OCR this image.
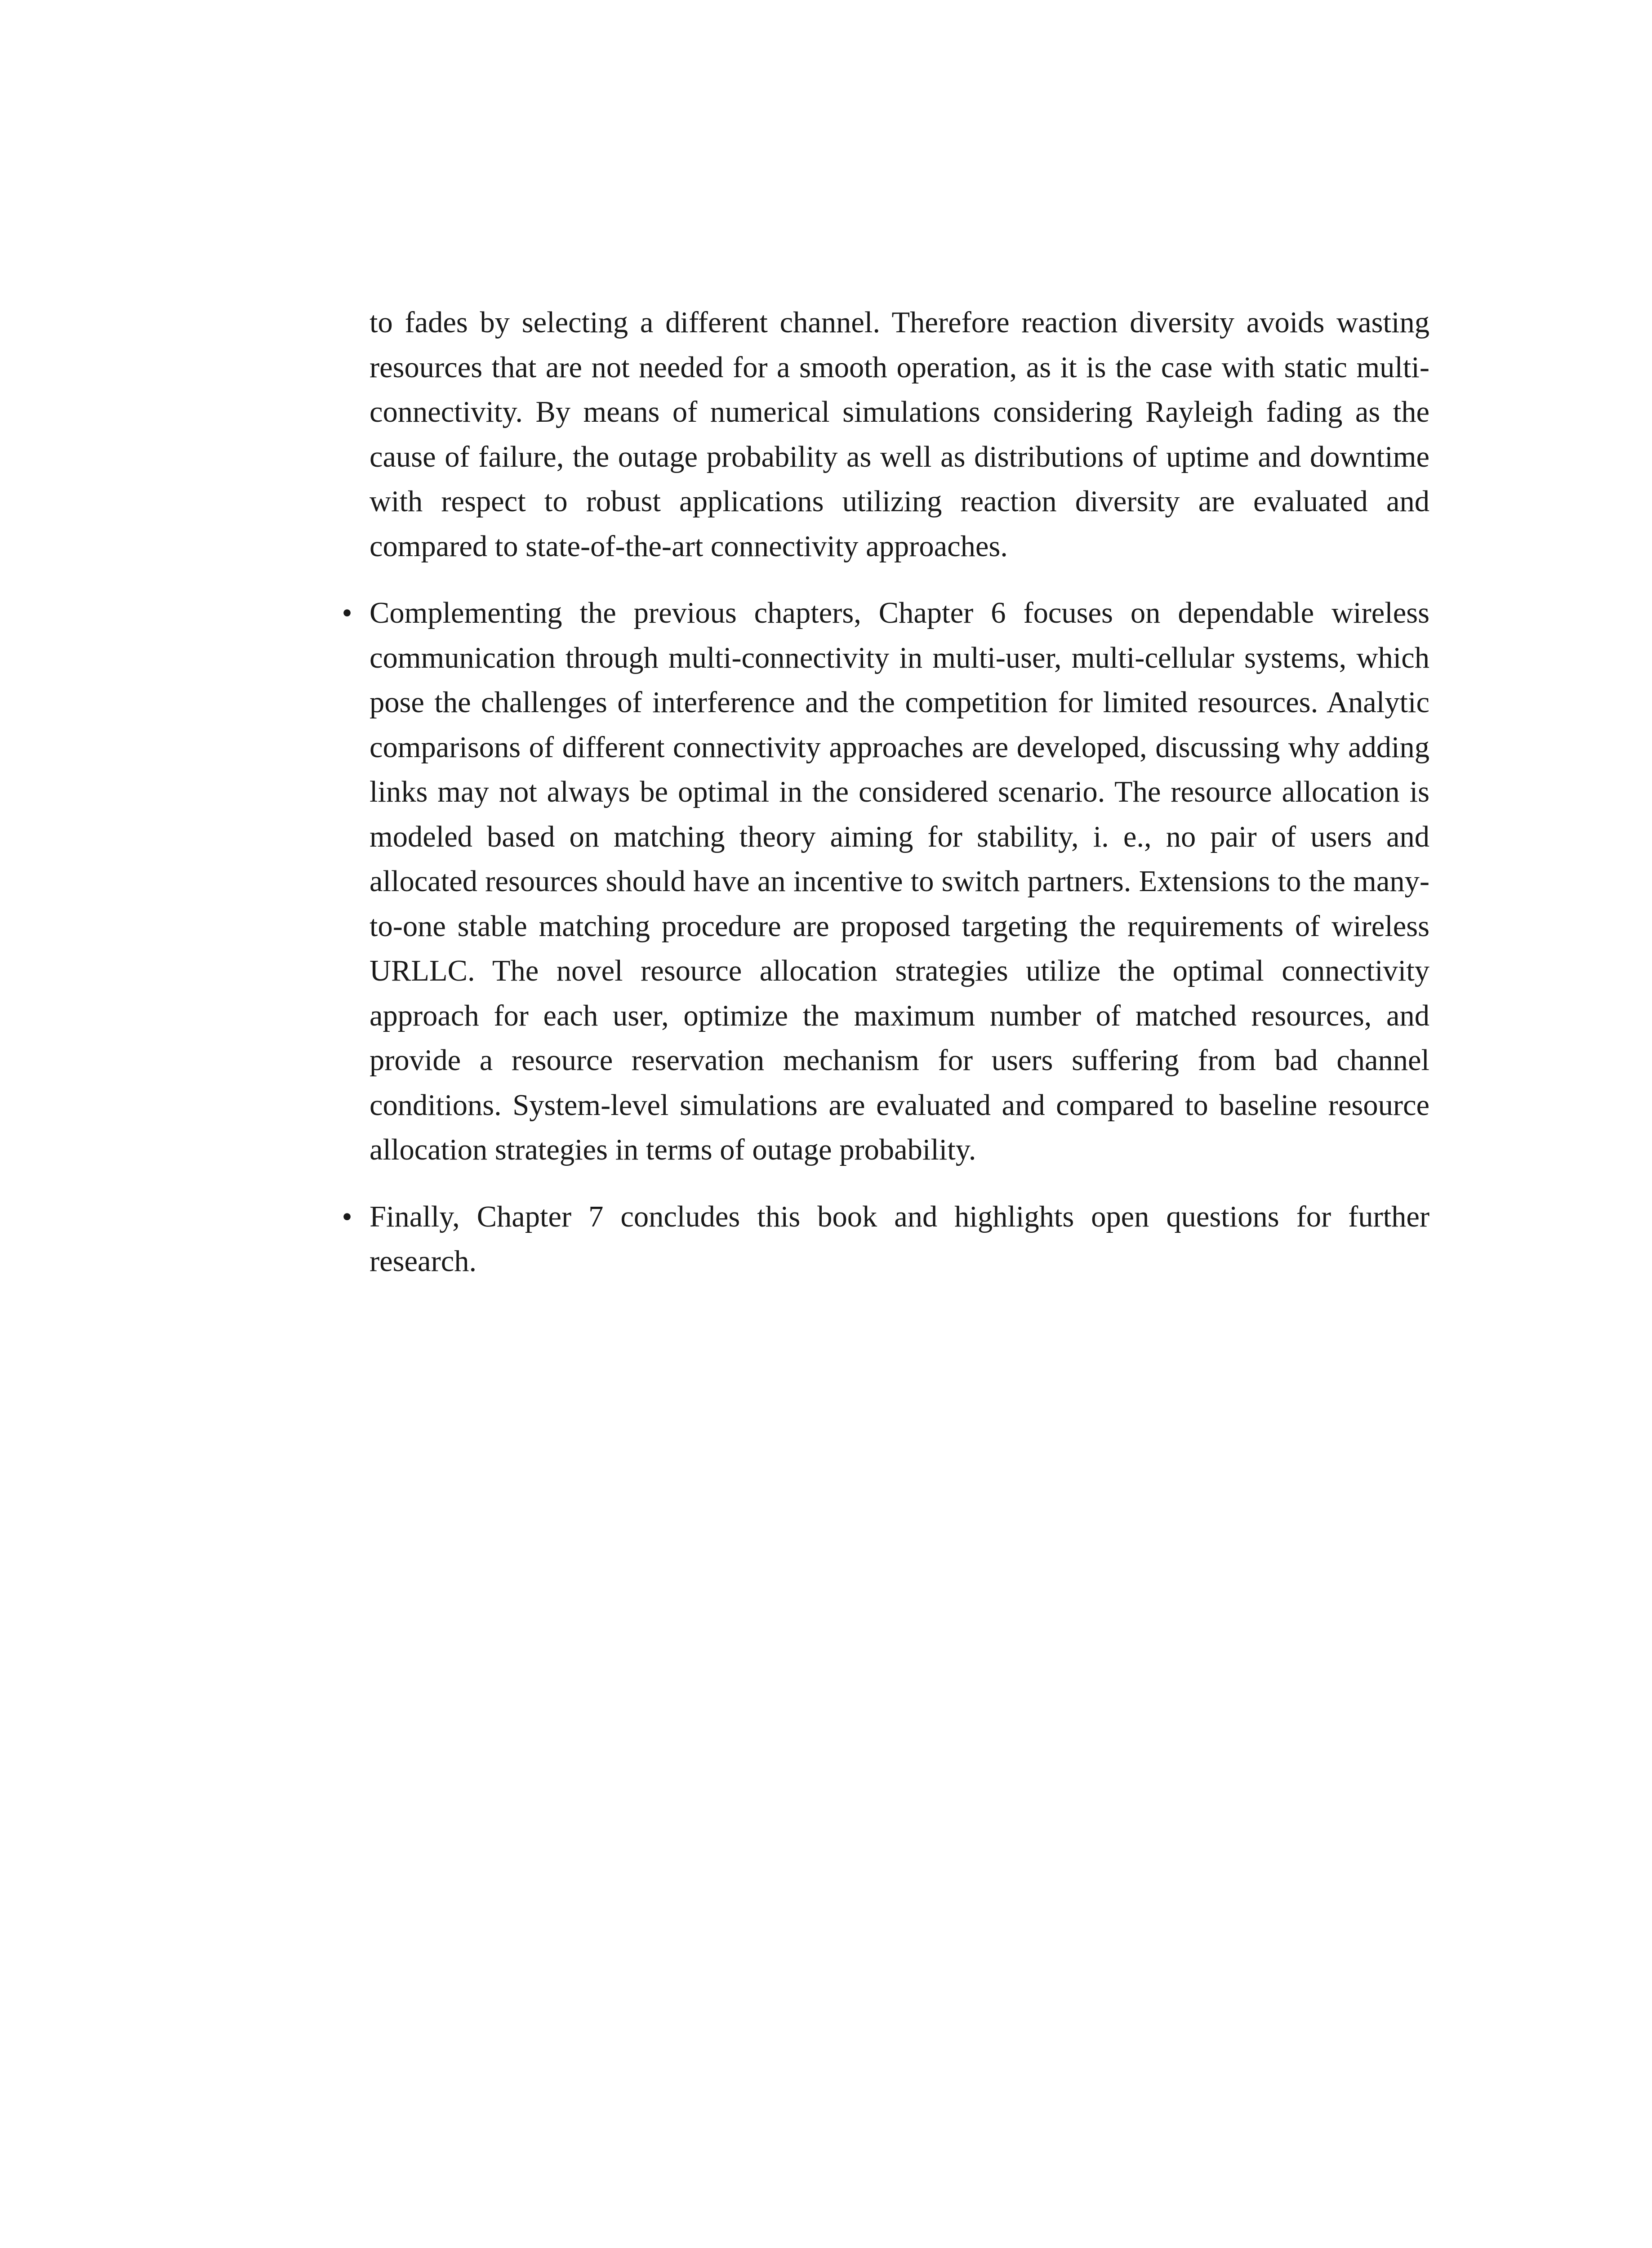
to fades by selecting a different channel. Therefore reaction diversity avoids wasting resources that are not needed for a smooth operation, as it is the case with static multi-connectivity. By means of numerical simulations considering Rayleigh fading as the cause of failure, the outage probability as well as distributions of uptime and downtime with respect to robust applications utilizing reaction diversity are evaluated and compared to state-of-the-art connectivity approaches.

• Complementing the previous chapters, Chapter 6 focuses on dependable wireless communication through multi-connectivity in multi-user, multi-cellular systems, which pose the challenges of interference and the competition for limited resources. Analytic comparisons of different connectivity approaches are developed, discussing why adding links may not always be optimal in the considered scenario. The resource allocation is modeled based on matching theory aiming for stability, i. e., no pair of users and allocated resources should have an incentive to switch partners. Extensions to the many-to-one stable matching procedure are proposed targeting the requirements of wireless URLLC. The novel resource allocation strategies utilize the optimal connectivity approach for each user, optimize the maximum number of matched resources, and provide a resource reservation mechanism for users suffering from bad channel conditions. System-level simulations are evaluated and compared to baseline resource allocation strategies in terms of outage probability.
• Finally, Chapter 7 concludes this book and highlights open questions for further research.
